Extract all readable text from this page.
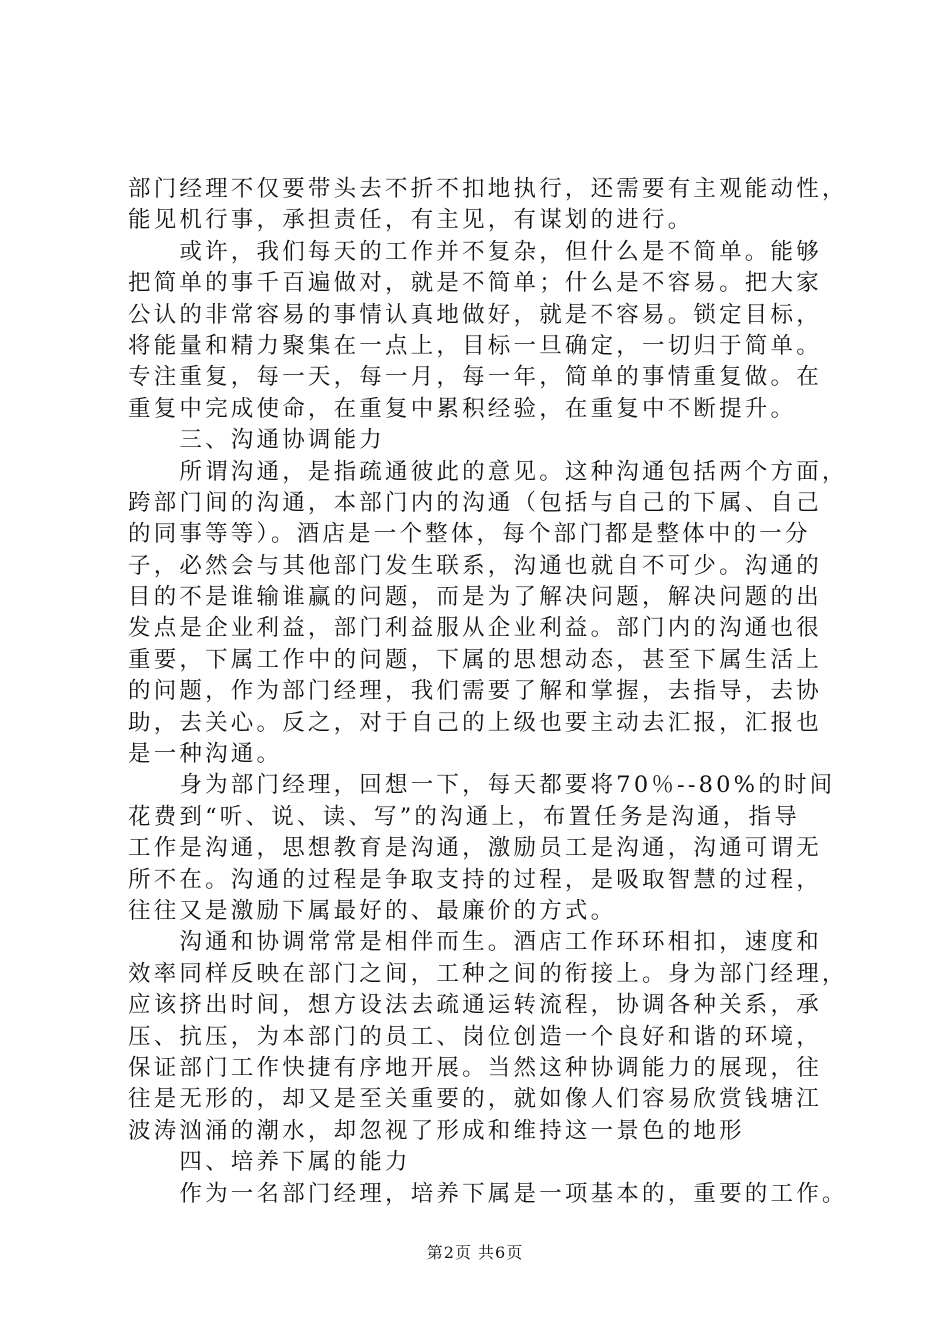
部门经理不仅要带头去不折不扣地执行，还需要有主观能动性，
能见机行事，承担责任，有主见，有谋划的进行。
　　或许，我们每天的工作并不复杂，但什么是不简单。能够
把简单的事千百遍做对，就是不简单；什么是不容易。把大家
公认的非常容易的事情认真地做好，就是不容易。锁定目标，
将能量和精力聚集在一点上，目标一旦确定，一切归于简单。
专注重复，每一天，每一月，每一年，简单的事情重复做。在
重复中完成使命，在重复中累积经验，在重复中不断提升。
　　三、沟通协调能力
　　所谓沟通，是指疏通彼此的意见。这种沟通包括两个方面，
跨部门间的沟通，本部门内的沟通（包括与自己的下属、自己
的同事等等）。酒店是一个整体，每个部门都是整体中的一分
子，必然会与其他部门发生联系，沟通也就自不可少。沟通的
目的不是谁输谁赢的问题，而是为了解决问题，解决问题的出
发点是企业利益，部门利益服从企业利益。部门内的沟通也很
重要，下属工作中的问题，下属的思想动态，甚至下属生活上
的问题，作为部门经理，我们需要了解和掌握，去指导，去协
助，去关心。反之，对于自己的上级也要主动去汇报，汇报也
是一种沟通。
　　身为部门经理，回想一下，每天都要将70％--80%的时间
花费到“听、说、读、写”的沟通上，布置任务是沟通，指导
工作是沟通，思想教育是沟通，激励员工是沟通，沟通可谓无
所不在。沟通的过程是争取支持的过程，是吸取智慧的过程，
往往又是激励下属最好的、最廉价的方式。
　　沟通和协调常常是相伴而生。酒店工作环环相扣，速度和
效率同样反映在部门之间，工种之间的衔接上。身为部门经理，
应该挤出时间，想方设法去疏通运转流程，协调各种关系，承
压、抗压，为本部门的员工、岗位创造一个良好和谐的环境，
保证部门工作快捷有序地开展。当然这种协调能力的展现，往
往是无形的，却又是至关重要的，就如像人们容易欣赏钱塘江
波涛汹涌的潮水，却忽视了形成和维持这一景色的地形
　　四、培养下属的能力
　　作为一名部门经理，培养下属是一项基本的，重要的工作。
第2页 共6页
